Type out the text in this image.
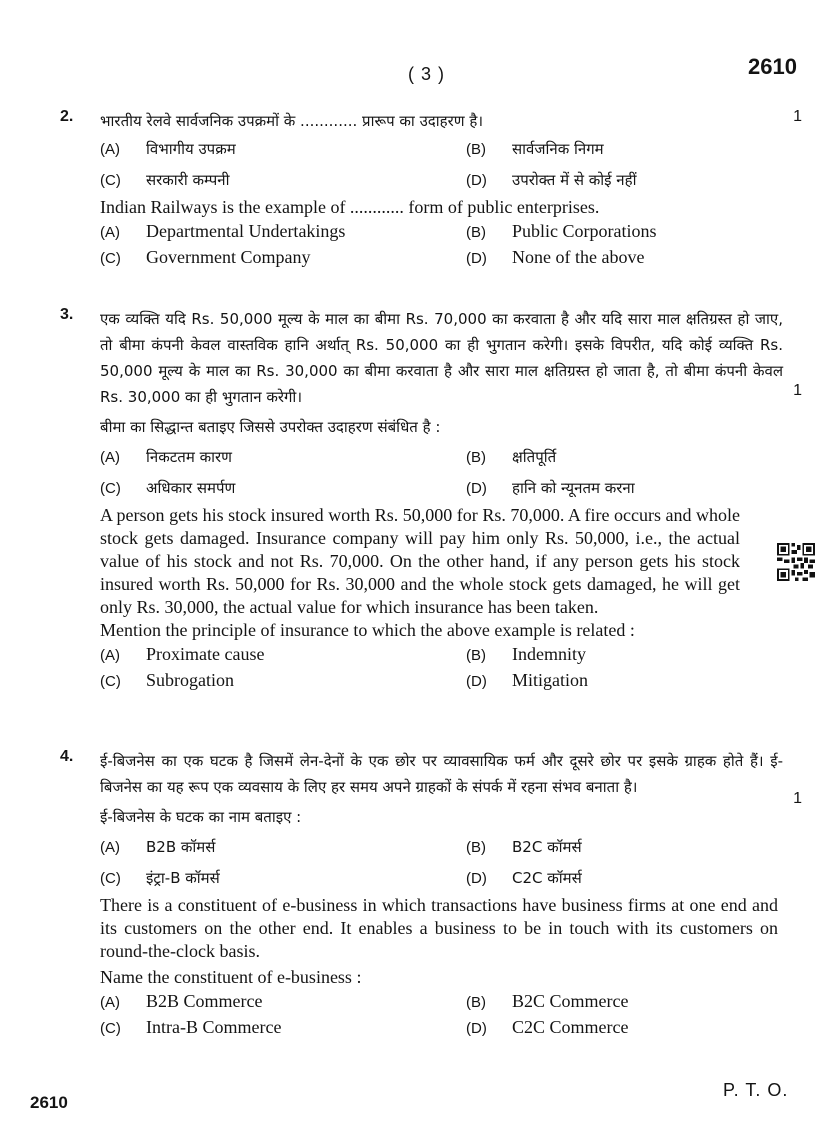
( 3 )	2610
2.	1
भारतीय रेलवे सार्वजनिक उपक्रमों के ............ प्रारूप का उदाहरण है।
(A)	विभागीय उपक्रम	(B)	सार्वजनिक निगम
(C)	सरकारी कम्पनी	(D)	उपरोक्त में से कोई नहीं
Indian Railways is the example of ............ form of public enterprises.
(A)	Departmental Undertakings	(B)	Public Corporations
(C)	Government Company	(D)	None of the above
3.
1
एक व्यक्ति यदि Rs. 50,000 मूल्य के माल का बीमा Rs. 70,000 का करवाता है और यदि सारा माल क्षतिग्रस्त हो जाए, तो बीमा कंपनी केवल वास्तविक हानि अर्थात् Rs. 50,000 का ही भुगतान करेगी। इसके विपरीत, यदि कोई व्यक्ति Rs. 50,000 मूल्य के माल का Rs. 30,000 का बीमा करवाता है और सारा माल क्षतिग्रस्त हो जाता है, तो बीमा कंपनी केवल Rs. 30,000 का ही भुगतान करेगी।
बीमा का सिद्धान्त बताइए जिससे उपरोक्त उदाहरण संबंधित है :
(A)	निकटतम कारण	(B)	क्षतिपूर्ति
(C)	अधिकार समर्पण	(D)	हानि को न्यूनतम करना
A person gets his stock insured worth Rs. 50,000 for Rs. 70,000. A fire occurs and whole stock gets damaged. Insurance company will pay him only Rs. 50,000, i.e., the actual value of his stock and not Rs. 70,000. On the other hand, if any person gets his stock insured worth Rs. 50,000 for Rs. 30,000 and the whole stock gets damaged, he will get only Rs. 30,000, the actual value for which insurance has been taken.
Mention the principle of insurance to which the above example is related :
(A)	Proximate cause	(B)	Indemnity
(C)	Subrogation	(D)	Mitigation
4.
1
ई-बिजनेस का एक घटक है जिसमें लेन-देनों के एक छोर पर व्यावसायिक फर्म और दूसरे छोर पर इसके ग्राहक होते हैं। ई-बिजनेस का यह रूप एक व्यवसाय के लिए हर समय अपने ग्राहकों के संपर्क में रहना संभव बनाता है।
ई-बिजनेस के घटक का नाम बताइए :
(A)	B2B कॉमर्स	(B)	B2C कॉमर्स
(C)	इंट्रा-B कॉमर्स	(D)	C2C कॉमर्स
There is a constituent of e-business in which transactions have business firms at one end and its customers on the other end. It enables a business to be in touch with its customers on round-the-clock basis.
Name the constituent of e-business :
(A)	B2B Commerce	(B)	B2C Commerce
(C)	Intra-B Commerce	(D)	C2C Commerce
P. T. O.
2610
